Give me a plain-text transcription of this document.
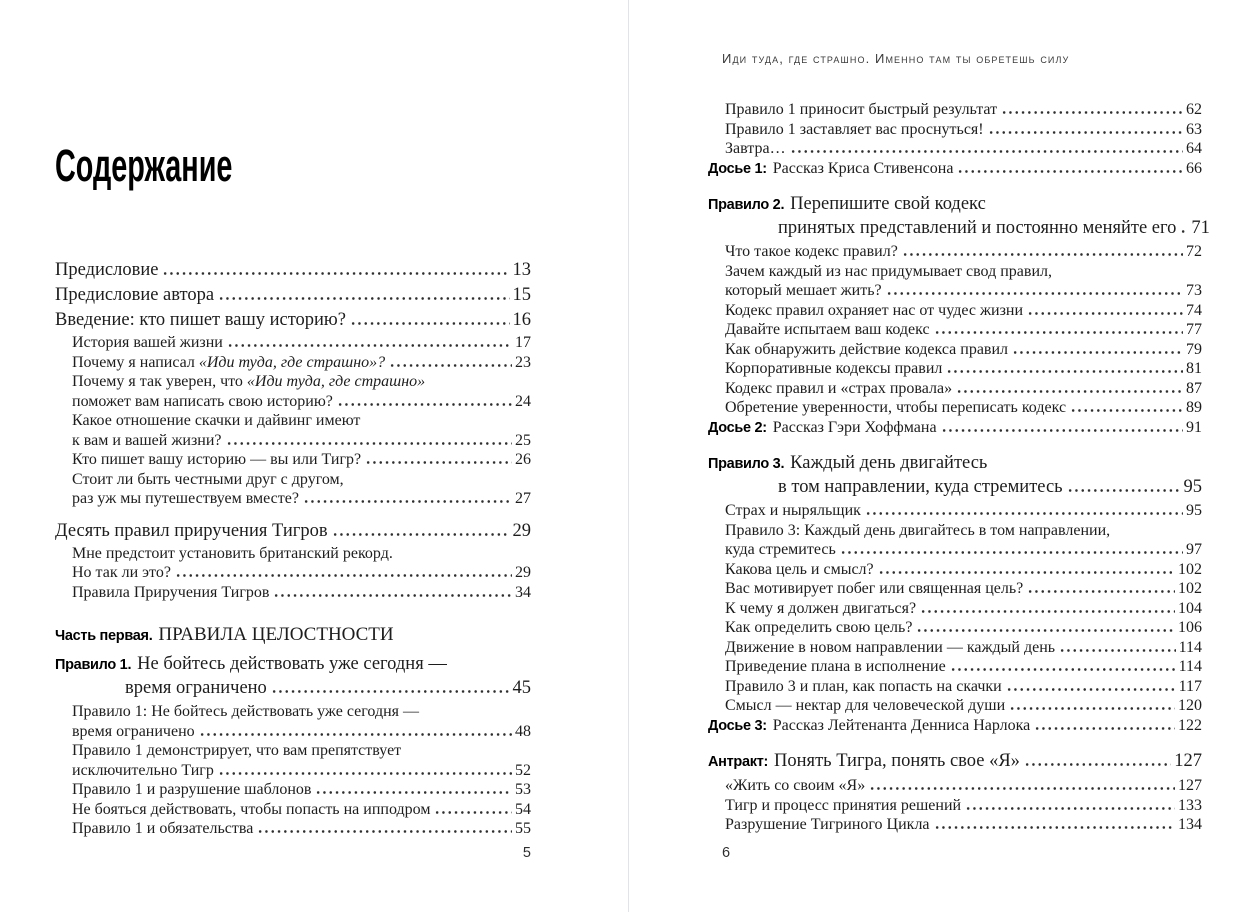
Содержание
Предисловие	13
Предисловие автора	15
Введение: кто пишет вашу историю?	16
История вашей жизни	17
Почему я написал «Иди туда, где страшно»?	23
Почему я так уверен, что «Иди туда, где страшно»
поможет вам написать свою историю?	24
Какое отношение скачки и дайвинг имеют
к вам и вашей жизни?	25
Кто пишет вашу историю — вы или Тигр?	26
Стоит ли быть честными друг с другом,
раз уж мы путешествуем вместе?	27
Десять правил приручения Тигров	29
Мне предстоит установить британский рекорд.
Но так ли это?	29
Правила Приручения Тигров	34
Часть первая. ПРАВИЛА ЦЕЛОСТНОСТИ
Правило 1. Не бойтесь действовать уже сегодня —
время ограничено	45
Правило 1: Не бойтесь действовать уже сегодня —
время ограничено	48
Правило 1 демонстрирует, что вам препятствует
исключительно Тигр	52
Правило 1 и разрушение шаблонов	53
Не бояться действовать, чтобы попасть на ипподром	54
Правило 1 и обязательства	55
Иди туда, где страшно. Именно там ты обретешь силу
Правило 1 приносит быстрый результат	62
Правило 1 заставляет вас проснуться!	63
Завтра…	64
Досье 1: Рассказ Криса Стивенсона	66
Правило 2. Перепишите свой кодекс
принятых представлений и постоянно меняйте его 71
Что такое кодекс правил?	72
Зачем каждый из нас придумывает свод правил,
который мешает жить?	73
Кодекс правил охраняет нас от чудес жизни	74
Давайте испытаем ваш кодекс	77
Как обнаружить действие кодекса правил	79
Корпоративные кодексы правил	81
Кодекс правил и «страх провала»	87
Обретение уверенности, чтобы переписать кодекс	89
Досье 2: Рассказ Гэри Хоффмана	91
Правило 3. Каждый день двигайтесь
в том направлении, куда стремитесь	95
Страх и ныряльщик	95
Правило 3: Каждый день двигайтесь в том направлении,
куда стремитесь	97
Какова цель и смысл?	102
Вас мотивирует побег или священная цель?	102
К чему я должен двигаться?	104
Как определить свою цель?	106
Движение в новом направлении — каждый день	114
Приведение плана в исполнение	114
Правило 3 и план, как попасть на скачки	117
Смысл — нектар для человеческой души	120
Досье 3: Рассказ Лейтенанта Денниса Нарлока	122
Антракт: Понять Тигра, понять свое «Я»	127
«Жить со своим «Я»	127
Тигр и процесс принятия решений	133
Разрушение Тигриного Цикла	134
5	6
